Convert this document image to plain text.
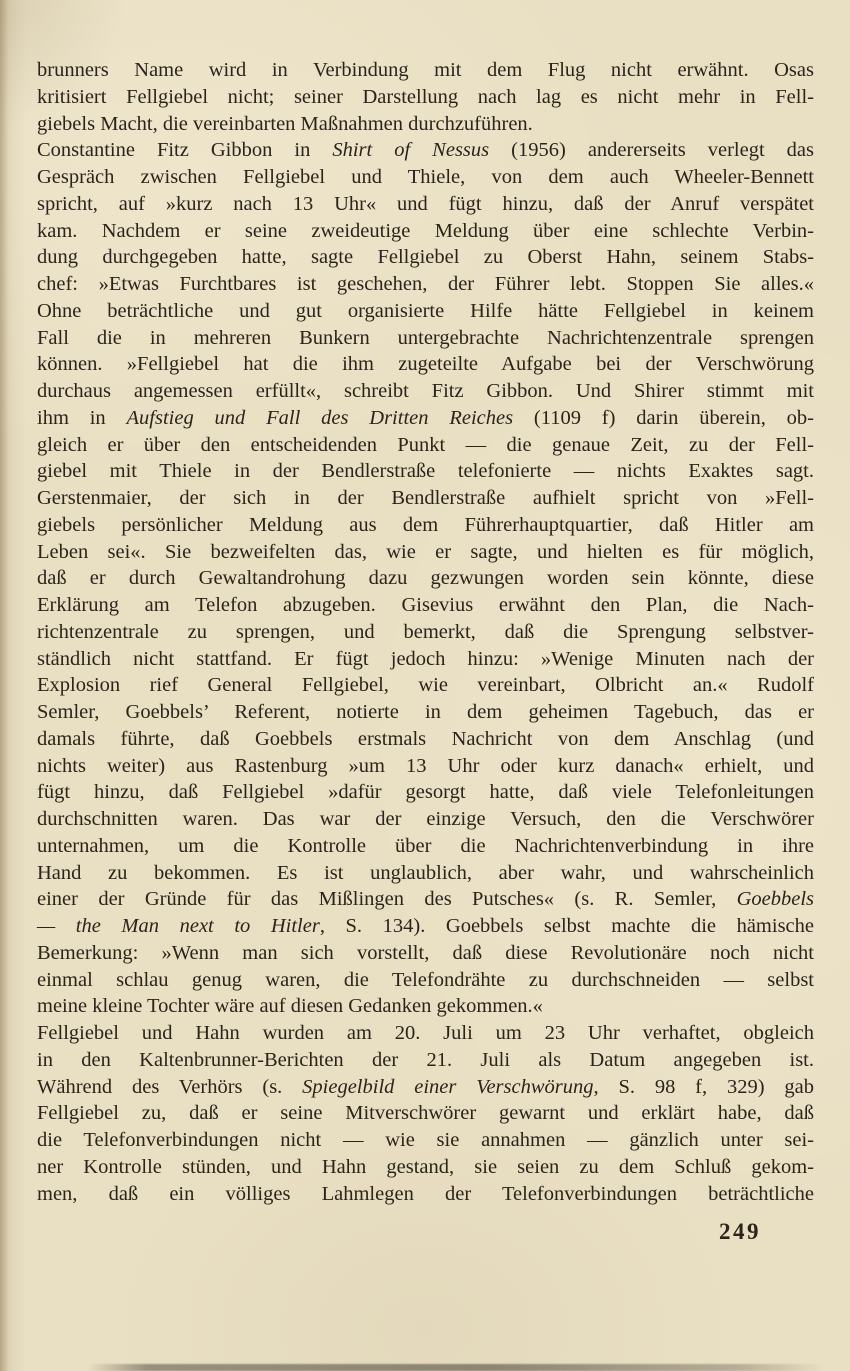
brunners Name wird in Verbindung mit dem Flug nicht erwähnt. Osas
kritisiert Fellgiebel nicht; seiner Darstellung nach lag es nicht mehr in Fell-
giebels Macht, die vereinbarten Maßnahmen durchzuführen.
Constantine Fitz Gibbon in Shirt of Nessus (1956) andererseits verlegt das
Gespräch zwischen Fellgiebel und Thiele, von dem auch Wheeler-Bennett
spricht, auf »kurz nach 13 Uhr« und fügt hinzu, daß der Anruf verspätet
kam. Nachdem er seine zweideutige Meldung über eine schlechte Verbin-
dung durchgegeben hatte, sagte Fellgiebel zu Oberst Hahn, seinem Stabs-
chef: »Etwas Furchtbares ist geschehen, der Führer lebt. Stoppen Sie alles.«
Ohne beträchtliche und gut organisierte Hilfe hätte Fellgiebel in keinem
Fall die in mehreren Bunkern untergebrachte Nachrichtenzentrale sprengen
können. »Fellgiebel hat die ihm zugeteilte Aufgabe bei der Verschwörung
durchaus angemessen erfüllt«, schreibt Fitz Gibbon. Und Shirer stimmt mit
ihm in Aufstieg und Fall des Dritten Reiches (1109 f) darin überein, ob-
gleich er über den entscheidenden Punkt — die genaue Zeit, zu der Fell-
giebel mit Thiele in der Bendlerstraße telefonierte — nichts Exaktes sagt.
Gerstenmaier, der sich in der Bendlerstraße aufhielt spricht von »Fell-
giebels persönlicher Meldung aus dem Führerhauptquartier, daß Hitler am
Leben sei«. Sie bezweifelten das, wie er sagte, und hielten es für möglich,
daß er durch Gewaltandrohung dazu gezwungen worden sein könnte, diese
Erklärung am Telefon abzugeben. Gisevius erwähnt den Plan, die Nach-
richtenzentrale zu sprengen, und bemerkt, daß die Sprengung selbstver-
ständlich nicht stattfand. Er fügt jedoch hinzu: »Wenige Minuten nach der
Explosion rief General Fellgiebel, wie vereinbart, Olbricht an.« Rudolf
Semler, Goebbels’ Referent, notierte in dem geheimen Tagebuch, das er
damals führte, daß Goebbels erstmals Nachricht von dem Anschlag (und
nichts weiter) aus Rastenburg »um 13 Uhr oder kurz danach« erhielt, und
fügt hinzu, daß Fellgiebel »dafür gesorgt hatte, daß viele Telefonleitungen
durchschnitten waren. Das war der einzige Versuch, den die Verschwörer
unternahmen, um die Kontrolle über die Nachrichtenverbindung in ihre
Hand zu bekommen. Es ist unglaublich, aber wahr, und wahrscheinlich
einer der Gründe für das Mißlingen des Putsches« (s. R. Semler, Goebbels
— the Man next to Hitler, S. 134). Goebbels selbst machte die hämische
Bemerkung: »Wenn man sich vorstellt, daß diese Revolutionäre noch nicht
einmal schlau genug waren, die Telefondrähte zu durchschneiden — selbst
meine kleine Tochter wäre auf diesen Gedanken gekommen.«
Fellgiebel und Hahn wurden am 20. Juli um 23 Uhr verhaftet, obgleich
in den Kaltenbrunner-Berichten der 21. Juli als Datum angegeben ist.
Während des Verhörs (s. Spiegelbild einer Verschwörung, S. 98 f, 329) gab
Fellgiebel zu, daß er seine Mitverschwörer gewarnt und erklärt habe, daß
die Telefonverbindungen nicht — wie sie annahmen — gänzlich unter sei-
ner Kontrolle stünden, und Hahn gestand, sie seien zu dem Schluß gekom-
men, daß ein völliges Lahmlegen der Telefonverbindungen beträchtliche
249
